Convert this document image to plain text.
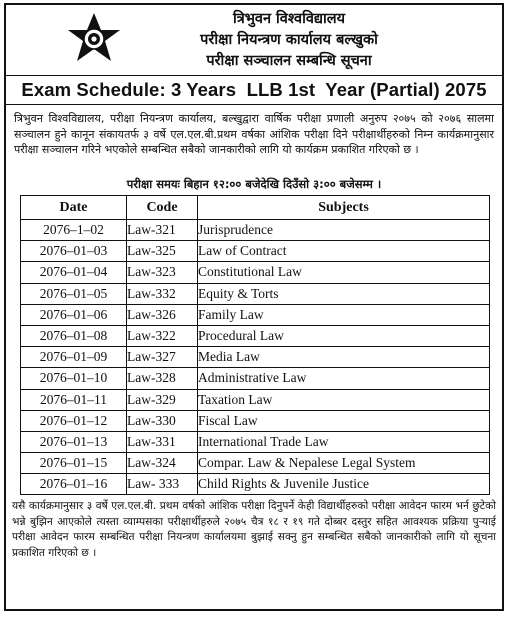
त्रिभुवन विश्वविद्यालय
परीक्षा नियन्त्रण कार्यालय बल्खुको
परीक्षा सञ्चालन सम्बन्धि सूचना
Exam Schedule: 3 Years  LLB 1st  Year (Partial) 2075
त्रिभुवन विश्वविद्यालय, परीक्षा नियन्त्रण कार्यालय, बल्खुद्वारा वार्षिक परीक्षा प्रणाली अनुरुप २०७५ को २०७६ सालमा सञ्चालन हुने कानून संकायतर्फ ३ वर्षे एल.एल.बी.प्रथम वर्षका आंशिक परीक्षा दिने परीक्षार्थीहरुको निम्न कार्यक्रमानुसार परीक्षा सञ्चालन गरिने भएकोले सम्बन्धित सबैको जानकारीको लागि यो कार्यक्रम प्रकाशित गरिएको छ ।
परीक्षा समयः बिहान १२:०० बजेदेखि दिउँसो ३:०० बजेसम्म ।
Date	Code	Subjects
2076–1–02	Law-321	Jurisprudence
2076–01–03	Law-325	Law of Contract
2076–01–04	Law-323	Constitutional Law
2076–01–05	Law-332	Equity & Torts
2076–01–06	Law-326	Family Law
2076–01–08	Law-322	Procedural Law
2076–01–09	Law-327	Media Law
2076–01–10	Law-328	Administrative Law
2076–01–11	Law-329	Taxation Law
2076–01–12	Law-330	Fiscal Law
2076–01–13	Law-331	International Trade Law
2076–01–15	Law-324	Compar. Law & Nepalese Legal System
2076–01–16	Law- 333	Child Rights & Juvenile Justice
यसै कार्यक्रमानुसार ३ वर्षे एल.एल.बी. प्रथम वर्षको आंशिक परीक्षा दिनुपर्ने केही विद्यार्थीहरुको परीक्षा आवेदन फारम भर्न छुटेको भन्ने बुझिन आएकोले त्यस्ता व्याम्पसका परीक्षार्थीहरुले २०७५ चैत्र १८ र १९ गते दोब्बर दस्तुर सहित आवश्यक प्रक्रिया पुऱ्याई परीक्षा आवेदन फारम सम्बन्धित परीक्षा नियन्त्रण कार्यालयमा बुझाई सक्नु हुन सम्बन्धित सबैको जानकारीको लागि यो सूचना प्रकाशित गरिएको छ ।
